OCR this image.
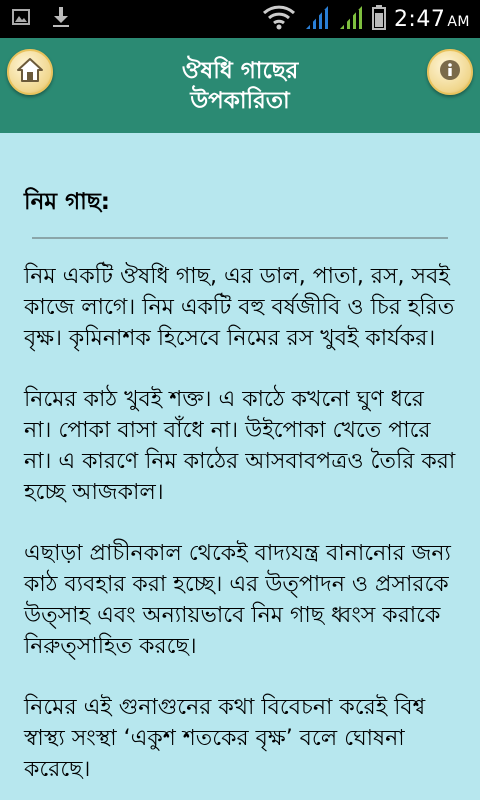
2:47 AM
ঔষধি গাছের
উপকারিতা
নিম গাছ:

নিম একটি ঔষধি গাছ, এর ডাল, পাতা, রস, সবই কাজে লাগে। নিম একটি বহু বর্ষজীবি ও চির হরিত বৃক্ষ। কৃমিনাশক হিসেবে নিমের রস খুবই কার্যকর।

নিমের কাঠ খুবই শক্ত। এ কাঠে কখনো ঘুণ ধরে না। পোকা বাসা বাঁধে না। উইপোকা খেতে পারে না। এ কারণে নিম কাঠের আসবাবপত্রও তৈরি করা হচ্ছে আজকাল।

এছাড়া প্রাচীনকাল থেকেই বাদ্যযন্ত্র বানানোর জন্য কাঠ ব্যবহার করা হচ্ছে। এর উত্পাদন ও প্রসারকে উত্সাহ এবং অন্যায়ভাবে নিম গাছ ধ্বংস করাকে নিরুত্সাহিত করছে।

নিমের এই গুনাগুনের কথা বিবেচনা করেই বিশ্ব স্বাস্থ্য সংস্থা ‘একুশ শতকের বৃক্ষ’ বলে ঘোষনা করেছে।
